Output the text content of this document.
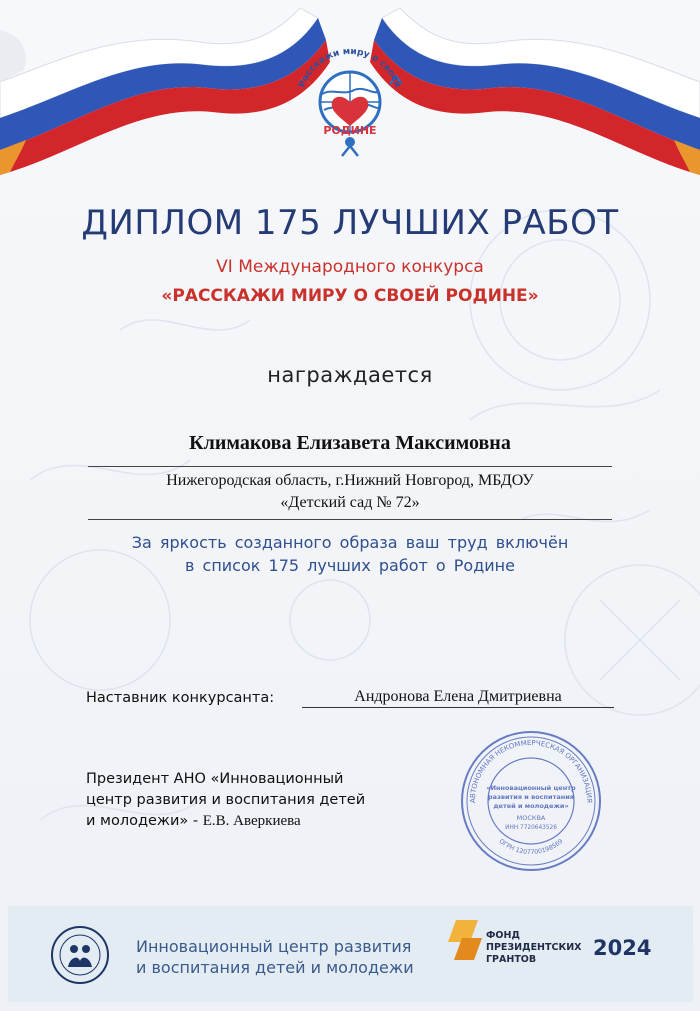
Расскажи миру о своей
РОДИНЕ
ДИПЛОМ 175 ЛУЧШИХ РАБОТ
VI Международного конкурса
«РАССКАЖИ МИРУ О СВОЕЙ РОДИНЕ»
награждается
Климакова Елизавета Максимовна
Нижегородская область, г.Нижний Новгород, МБДОУ
«Детский сад № 72»
За яркость созданного образа ваш труд включён
в список 175 лучших работ о Родине
Наставник конкурсанта:	Андронова Елена Дмитриевна
Президент АНО «Инновационный
центр развития и воспитания детей
и молодежи» - Е.В. Аверкиева
АВТОНОМНАЯ НЕКОММЕРЧЕСКАЯ ОРГАНИЗАЦИЯ
ОГРН 1207700198569
«Инновационный центр
развития и воспитания
детей и молодежи»
МОСКВА
ИНН 7720643526
Инновационный центр развития
и воспитания детей и молодежи
ФОНД
ПРЕЗИДЕНТСКИХ
ГРАНТОВ	2024
